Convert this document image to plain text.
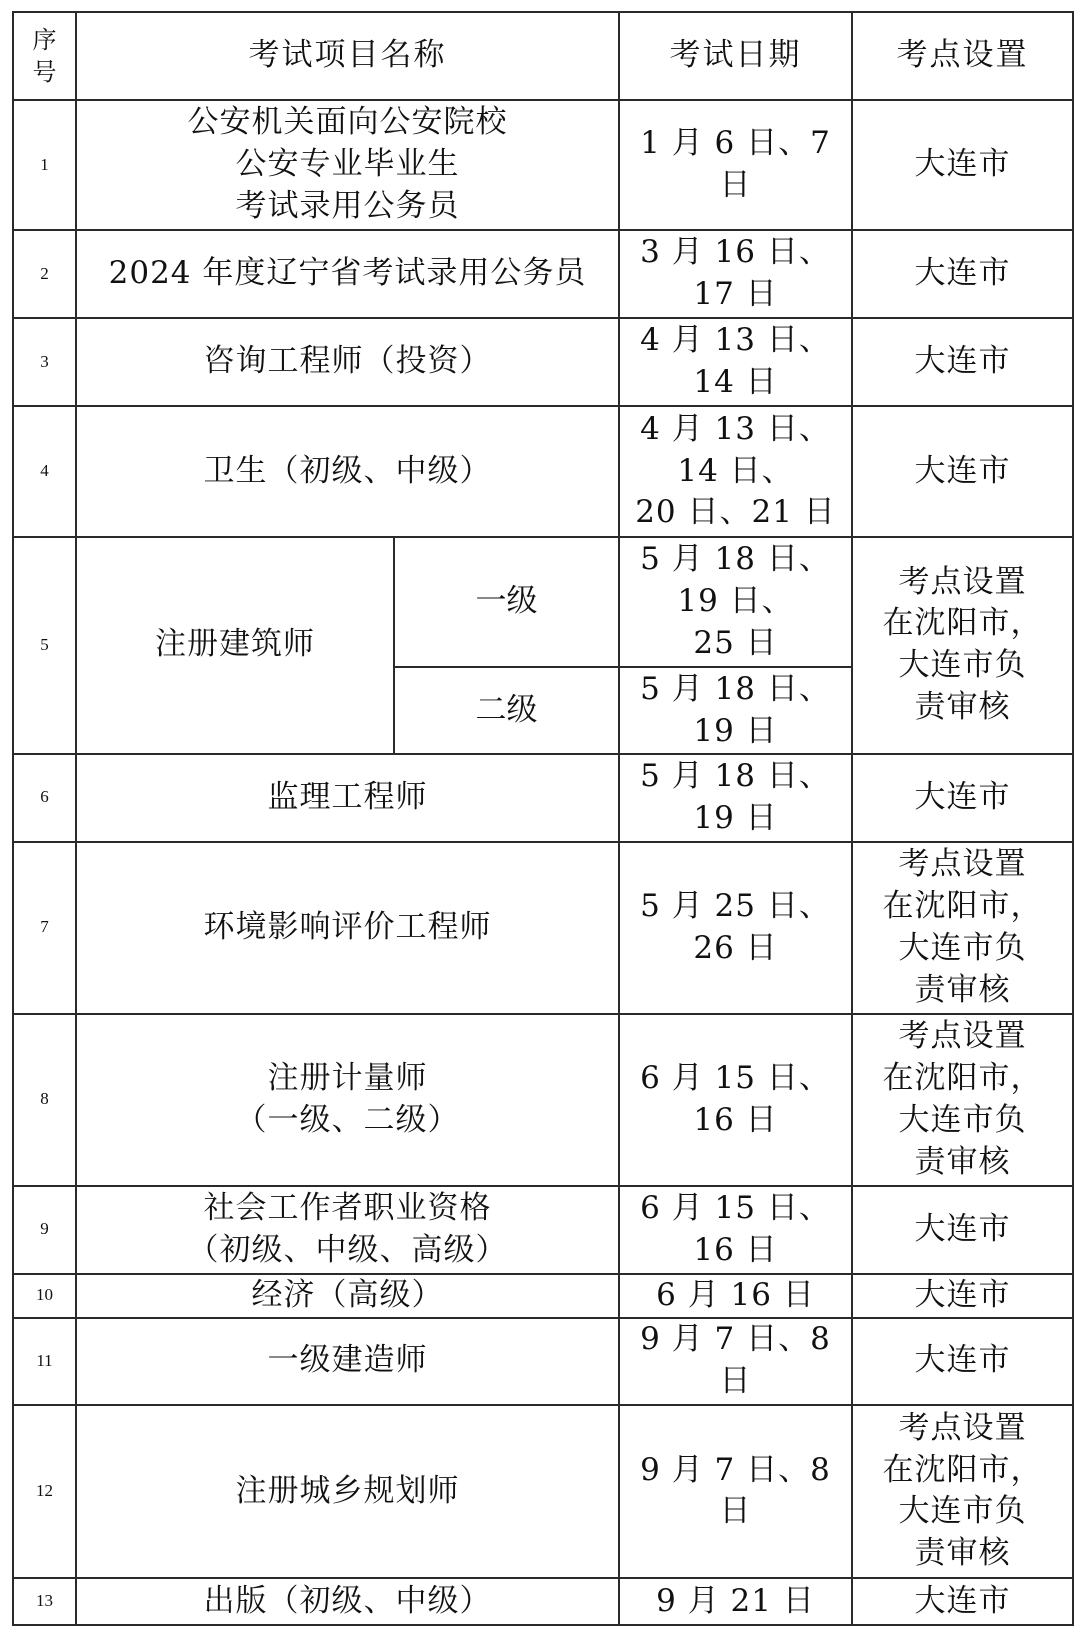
序
号	考试项目名称		考试日期	考点设置
1	公安机关面向公安院校
公安专业毕业生
考试录用公务员		1 月 6 日、7 日	大连市
2	2024 年度辽宁省考试录用公务员		3 月 16 日、
17 日	大连市
3	咨询工程师（投资）		4 月 13 日、
14 日	大连市
4	卫生（初级、中级）		4 月 13 日、
14 日、
20 日、21 日	大连市
5	注册建筑师	一级	5 月 18 日、
19 日、
25 日	考点设置
在沈阳市，
大连市负
责审核

		二级	5 月 18 日、
19 日	

6	监理工程师		5 月 18 日、
19 日	大连市
7	环境影响评价工程师		5 月 25 日、
26 日	考点设置
在沈阳市，
大连市负
责审核

8	注册计量师
（一级、二级）		6 月 15 日、
16 日	考点设置
在沈阳市，
大连市负
责审核

9	社会工作者职业资格
（初级、中级、高级）		6 月 15 日、
16 日	大连市
10	经济（高级）		6 月 16 日	大连市
11	一级建造师		9 月 7 日、8 日	大连市
12	注册城乡规划师		9 月 7 日、8 日	考点设置
在沈阳市，
大连市负
责审核

13	出版（初级、中级）		9 月 21 日	大连市
